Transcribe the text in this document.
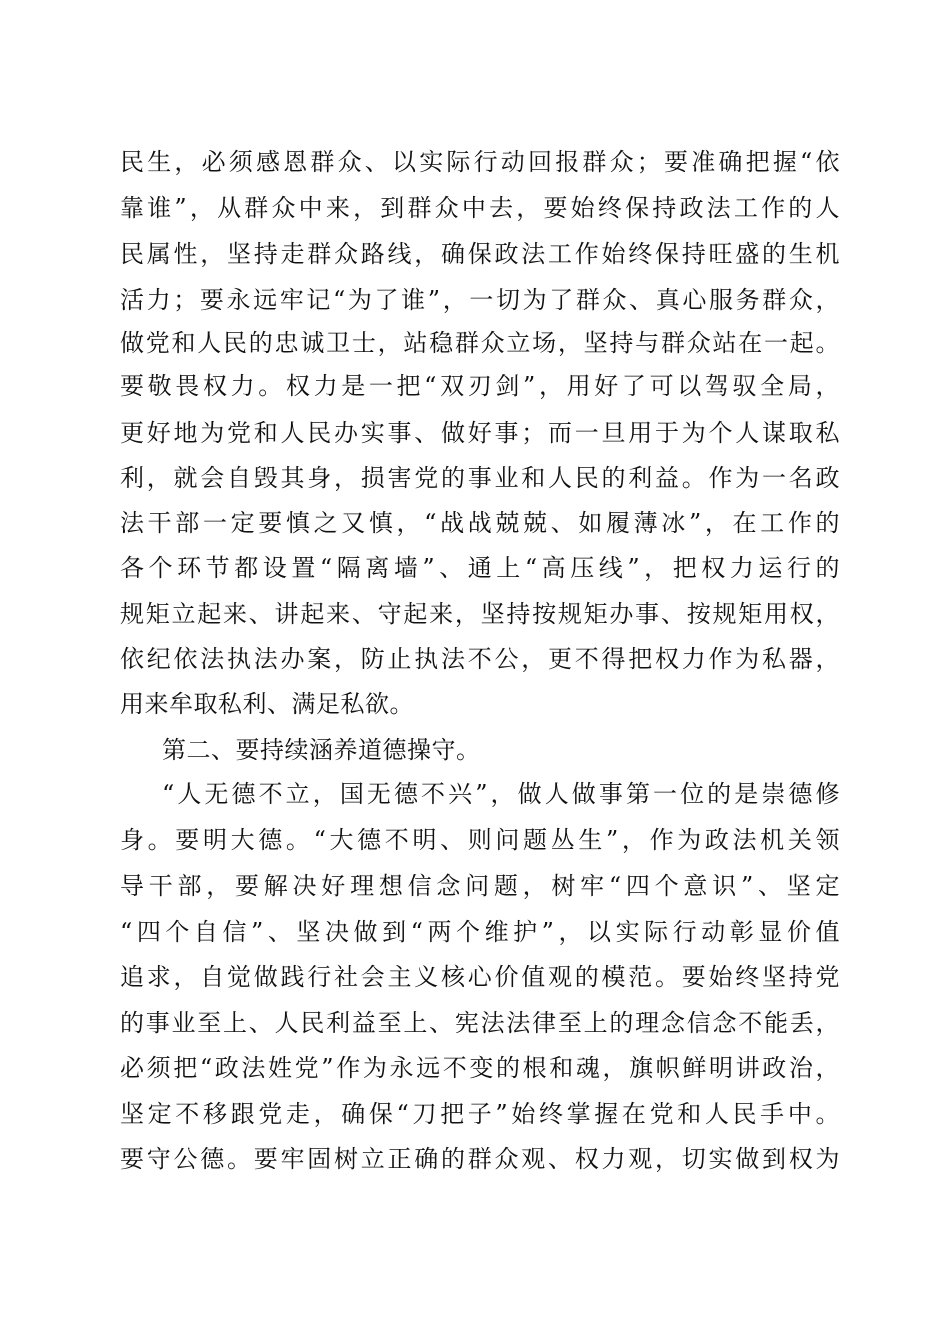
民生，必须感恩群众、以实际行动回报群众；要准确把握“依
靠谁”，从群众中来，到群众中去，要始终保持政法工作的人
民属性，坚持走群众路线，确保政法工作始终保持旺盛的生机
活力；要永远牢记“为了谁”，一切为了群众、真心服务群众，
做党和人民的忠诚卫士，站稳群众立场，坚持与群众站在一起。
要敬畏权力。权力是一把“双刃剑”，用好了可以驾驭全局，
更好地为党和人民办实事、做好事；而一旦用于为个人谋取私
利，就会自毁其身，损害党的事业和人民的利益。作为一名政
法干部一定要慎之又慎，“战战兢兢、如履薄冰”，在工作的
各个环节都设置“隔离墙”、通上“高压线”，把权力运行的
规矩立起来、讲起来、守起来，坚持按规矩办事、按规矩用权，
依纪依法执法办案，防止执法不公，更不得把权力作为私器，
用来牟取私利、满足私欲。
第二、要持续涵养道德操守。
“人无德不立，国无德不兴”，做人做事第一位的是崇德修
身。要明大德。“大德不明、则问题丛生”，作为政法机关领
导干部，要解决好理想信念问题，树牢“四个意识”、坚定
“四个自信”、坚决做到“两个维护”，以实际行动彰显价值
追求，自觉做践行社会主义核心价值观的模范。要始终坚持党
的事业至上、人民利益至上、宪法法律至上的理念信念不能丢，
必须把“政法姓党”作为永远不变的根和魂，旗帜鲜明讲政治，
坚定不移跟党走，确保“刀把子”始终掌握在党和人民手中。
要守公德。要牢固树立正确的群众观、权力观，切实做到权为
